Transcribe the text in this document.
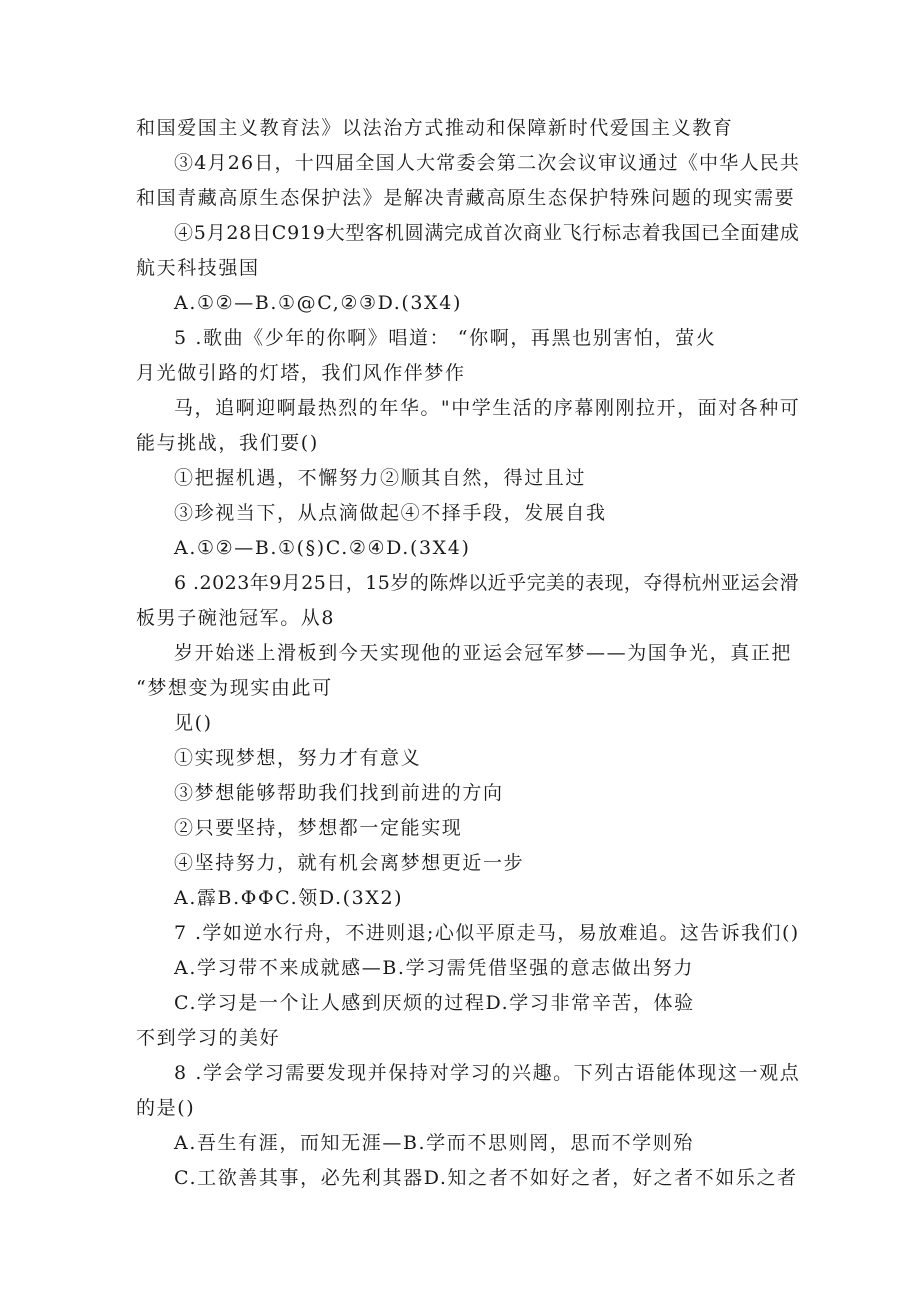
和国爱国主义教育法》以法治方式推动和保障新时代爱国主义教育
③4月26日，十四届全国人大常委会第二次会议审议通过《中华人民共
和国青藏高原生态保护法》是解决青藏高原生态保护特殊问题的现实需要
④5月28日C919大型客机圆满完成首次商业飞行标志着我国已全面建成
航天科技强国
A.①②—B.①@C,②③D.(3X4)
5 .歌曲《少年的你啊》唱道： “你啊，再黑也别害怕，萤火
月光做引路的灯塔，我们风作伴梦作
马，追啊迎啊最热烈的年华。"中学生活的序幕刚刚拉开，面对各种可
能与挑战，我们要()
①把握机遇，不懈努力②顺其自然，得过且过
③珍视当下，从点滴做起④不择手段，发展自我
A.①②—B.①(§)C.②④D.(3X4)
6 .2023年9月25日，15岁的陈烨以近乎完美的表现，夺得杭州亚运会滑
板男子碗池冠军。从8
岁开始迷上滑板到今天实现他的亚运会冠军梦——为国争光，真正把
“梦想变为现实由此可
见()
①实现梦想，努力才有意义
③梦想能够帮助我们找到前进的方向
②只要坚持，梦想都一定能实现
④坚持努力，就有机会离梦想更近一步
A.霹B.ΦΦC.领D.(3X2)
7 .学如逆水行舟，不进则退;心似平原走马，易放难追。这告诉我们()
A.学习带不来成就感—B.学习需凭借坚强的意志做出努力
C.学习是一个让人感到厌烦的过程D.学习非常辛苦，体验
不到学习的美好
8 .学会学习需要发现并保持对学习的兴趣。下列古语能体现这一观点
的是()
A.吾生有涯，而知无涯—B.学而不思则罔，思而不学则殆
C.工欲善其事，必先利其器D.知之者不如好之者，好之者不如乐之者
